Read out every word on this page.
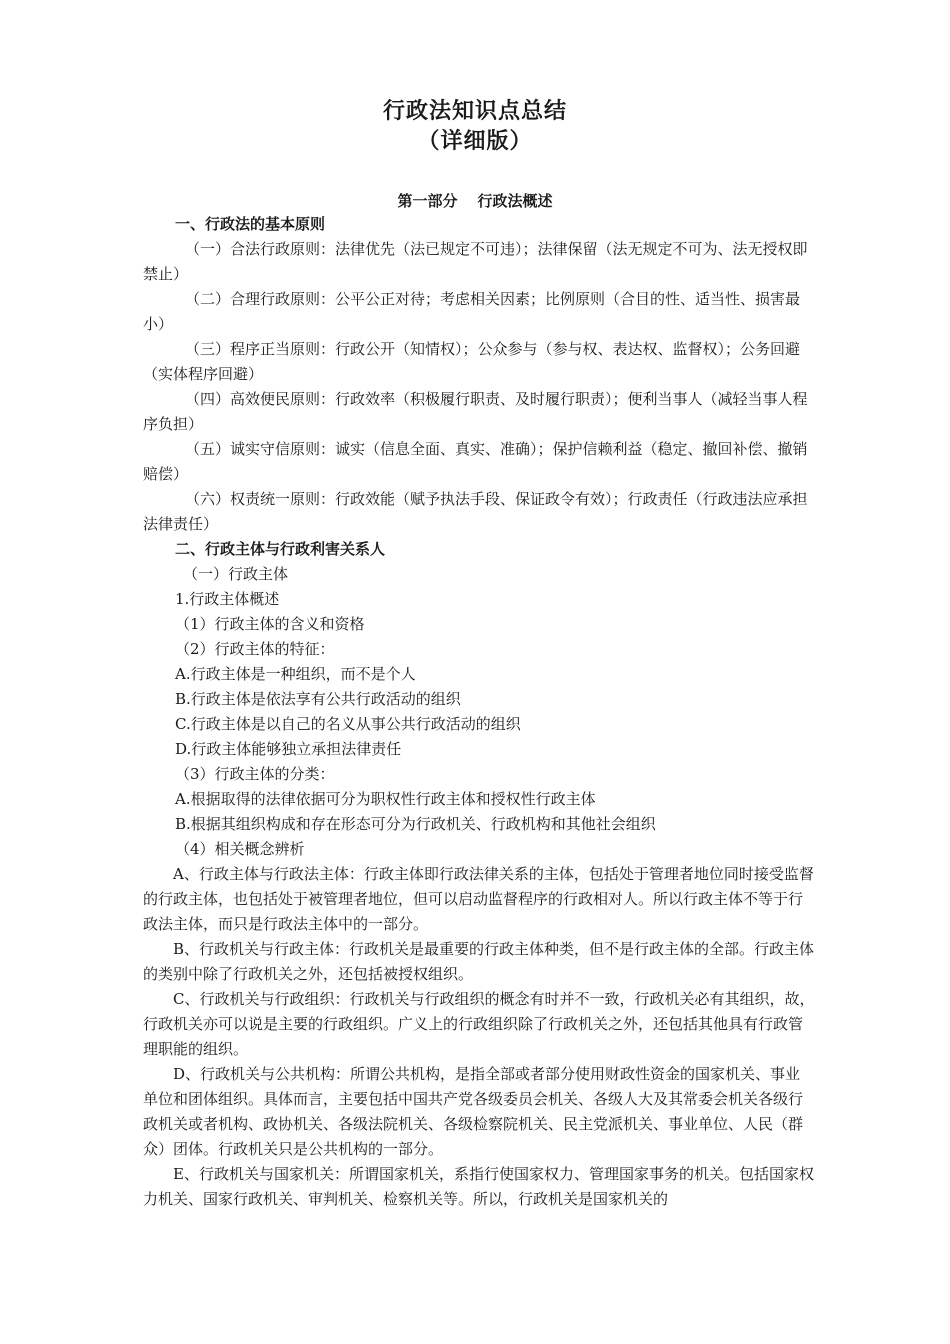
行政法知识点总结
（详细版）
第一部分 行政法概述

一、行政法的基本原则

（一）合法行政原则：法律优先（法已规定不可违）；法律保留（法无规定不可为、法无授权即禁止）

（二）合理行政原则：公平公正对待；考虑相关因素；比例原则（合目的性、适当性、损害最小）

（三）程序正当原则：行政公开（知情权）；公众参与（参与权、表达权、监督权）；公务回避（实体程序回避）

（四）高效便民原则：行政效率（积极履行职责、及时履行职责）；便利当事人（减轻当事人程序负担）

（五）诚实守信原则：诚实（信息全面、真实、准确）；保护信赖利益（稳定、撤回补偿、撤销赔偿）

（六）权责统一原则：行政效能（赋予执法手段、保证政令有效）；行政责任（行政违法应承担法律责任）

二、行政主体与行政利害关系人

（一）行政主体

1.行政主体概述

（1）行政主体的含义和资格

（2）行政主体的特征：

A.行政主体是一种组织，而不是个人

B.行政主体是依法享有公共行政活动的组织

C.行政主体是以自己的名义从事公共行政活动的组织

D.行政主体能够独立承担法律责任

（3）行政主体的分类：

A.根据取得的法律依据可分为职权性行政主体和授权性行政主体

B.根据其组织构成和存在形态可分为行政机关、行政机构和其他社会组织

（4）相关概念辨析

A、行政主体与行政法主体：行政主体即行政法律关系的主体，包括处于管理者地位同时接受监督的行政主体，也包括处于被管理者地位，但可以启动监督程序的行政相对人。所以行政主体不等于行政法主体，而只是行政法主体中的一部分。

B、行政机关与行政主体：行政机关是最重要的行政主体种类，但不是行政主体的全部。行政主体的类别中除了行政机关之外，还包括被授权组织。

C、行政机关与行政组织：行政机关与行政组织的概念有时并不一致，行政机关必有其组织，故，行政机关亦可以说是主要的行政组织。广义上的行政组织除了行政机关之外，还包括其他具有行政管理职能的组织。

D、行政机关与公共机构：所谓公共机构，是指全部或者部分使用财政性资金的国家机关、事业单位和团体组织。具体而言，主要包括中国共产党各级委员会机关、各级人大及其常委会机关各级行政机关或者机构、政协机关、各级法院机关、各级检察院机关、民主党派机关、事业单位、人民（群众）团体。行政机关只是公共机构的一部分。

E、行政机关与国家机关：所谓国家机关，系指行使国家权力、管理国家事务的机关。包括国家权力机关、国家行政机关、审判机关、检察机关等。所以，行政机关是国家机关的
